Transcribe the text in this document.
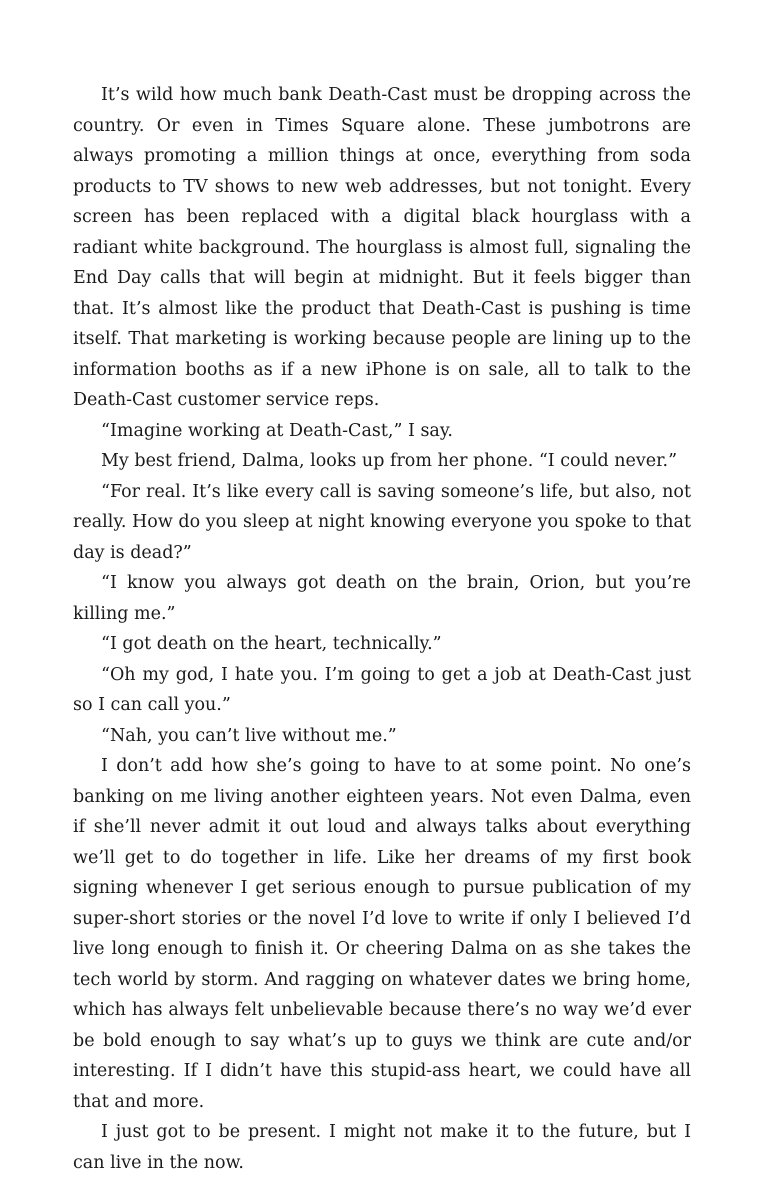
It’s wild how much bank Death-Cast must be dropping across the country. Or even in Times Square alone. These jumbotrons are always promoting a million things at once, everything from soda products to TV shows to new web addresses, but not tonight. Every screen has been replaced with a digital black hourglass with a radiant white background. The hourglass is almost full, signaling the End Day calls that will begin at midnight. But it feels bigger than that. It’s almost like the product that Death-Cast is pushing is time itself. That marketing is working because people are lining up to the information booths as if a new iPhone is on sale, all to talk to the Death-Cast customer service reps.

“Imagine working at Death-Cast,” I say.

My best friend, Dalma, looks up from her phone. “I could never.”

“For real. It’s like every call is saving someone’s life, but also, not really. How do you sleep at night knowing everyone you spoke to that day is dead?”

“I know you always got death on the brain, Orion, but you’re killing me.”

“I got death on the heart, technically.”

“Oh my god, I hate you. I’m going to get a job at Death-Cast just so I can call you.”

“Nah, you can’t live without me.”

I don’t add how she’s going to have to at some point. No one’s banking on me living another eighteen years. Not even Dalma, even if she’ll never admit it out loud and always talks about everything we’ll get to do together in life. Like her dreams of my first book signing whenever I get serious enough to pursue publication of my super-short stories or the novel I’d love to write if only I believed I’d live long enough to finish it. Or cheering Dalma on as she takes the tech world by storm. And ragging on whatever dates we bring home, which has always felt unbelievable because there’s no way we’d ever be bold enough to say what’s up to guys we think are cute and/or interesting. If I didn’t have this stupid-ass heart, we could have all that and more.

I just got to be present. I might not make it to the future, but I can live in the now.
